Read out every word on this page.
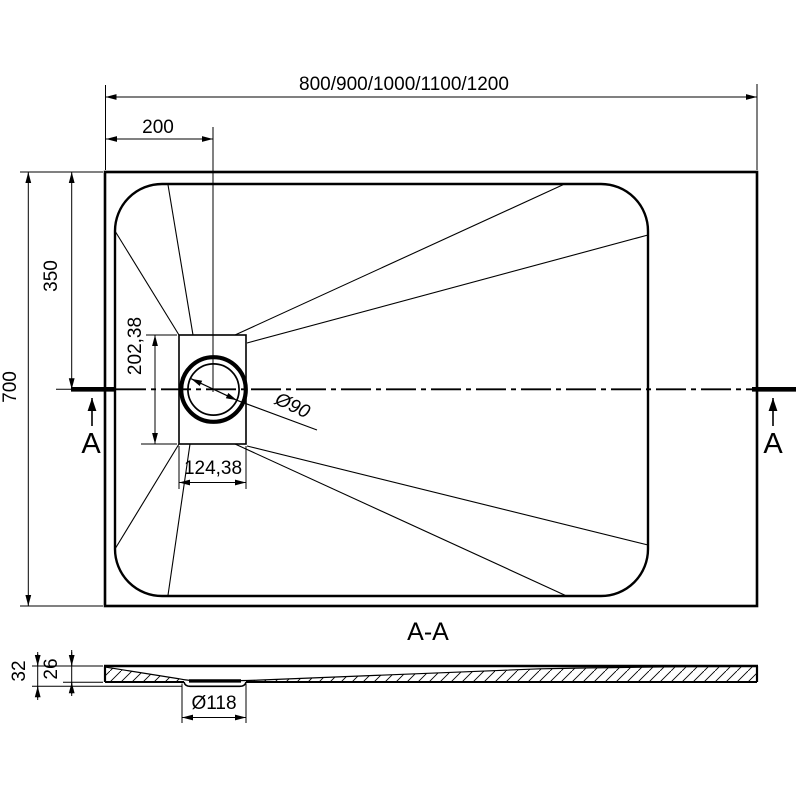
A	A
800/900/1000/1100/1200
200
700
350
202,38
124,38
Ø90
A-A
32 26
Ø118
